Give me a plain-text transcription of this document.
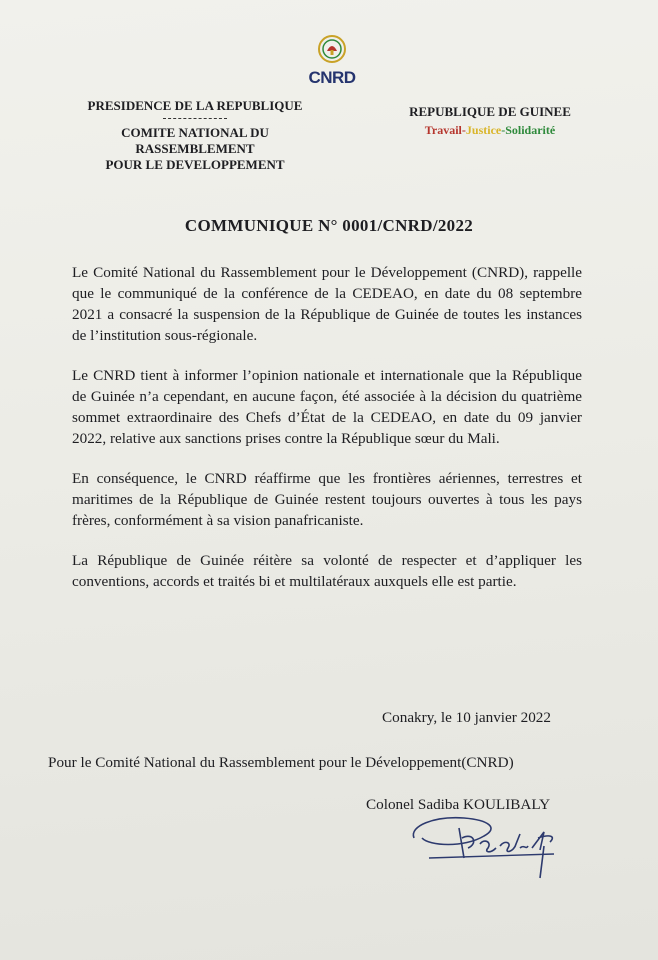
CNRD
PRESIDENCE DE LA REPUBLIQUE
COMITE NATIONAL DU
RASSEMBLEMENT
POUR LE DEVELOPPEMENT
REPUBLIQUE DE GUINEE
Travail-Justice-Solidarité
COMMUNIQUE N° 0001/CNRD/2022

Le Comité National du Rassemblement pour le Développement (CNRD), rappelle que le communiqué de la conférence de la CEDEAO, en date du 08 septembre 2021 a consacré la suspension de la République de Guinée de toutes les instances de l’institution sous-régionale.

Le CNRD tient à informer l’opinion nationale et internationale que la République de Guinée n’a cependant, en aucune façon, été associée à la décision du quatrième sommet extraordinaire des Chefs d’État de la CEDEAO, en date du 09 janvier 2022, relative aux sanctions prises contre la République sœur du Mali.

En conséquence, le CNRD réaffirme que les frontières aériennes, terrestres et maritimes de la République de Guinée restent toujours ouvertes à tous les pays frères, conformément à sa vision panafricaniste.

La République de Guinée réitère sa volonté de respecter et d’appliquer les conventions, accords et traités bi et multilatéraux auxquels elle est partie.

Conakry, le 10 janvier 2022
Pour le Comité National du Rassemblement pour le Développement(CNRD)
Colonel Sadiba KOULIBALY
